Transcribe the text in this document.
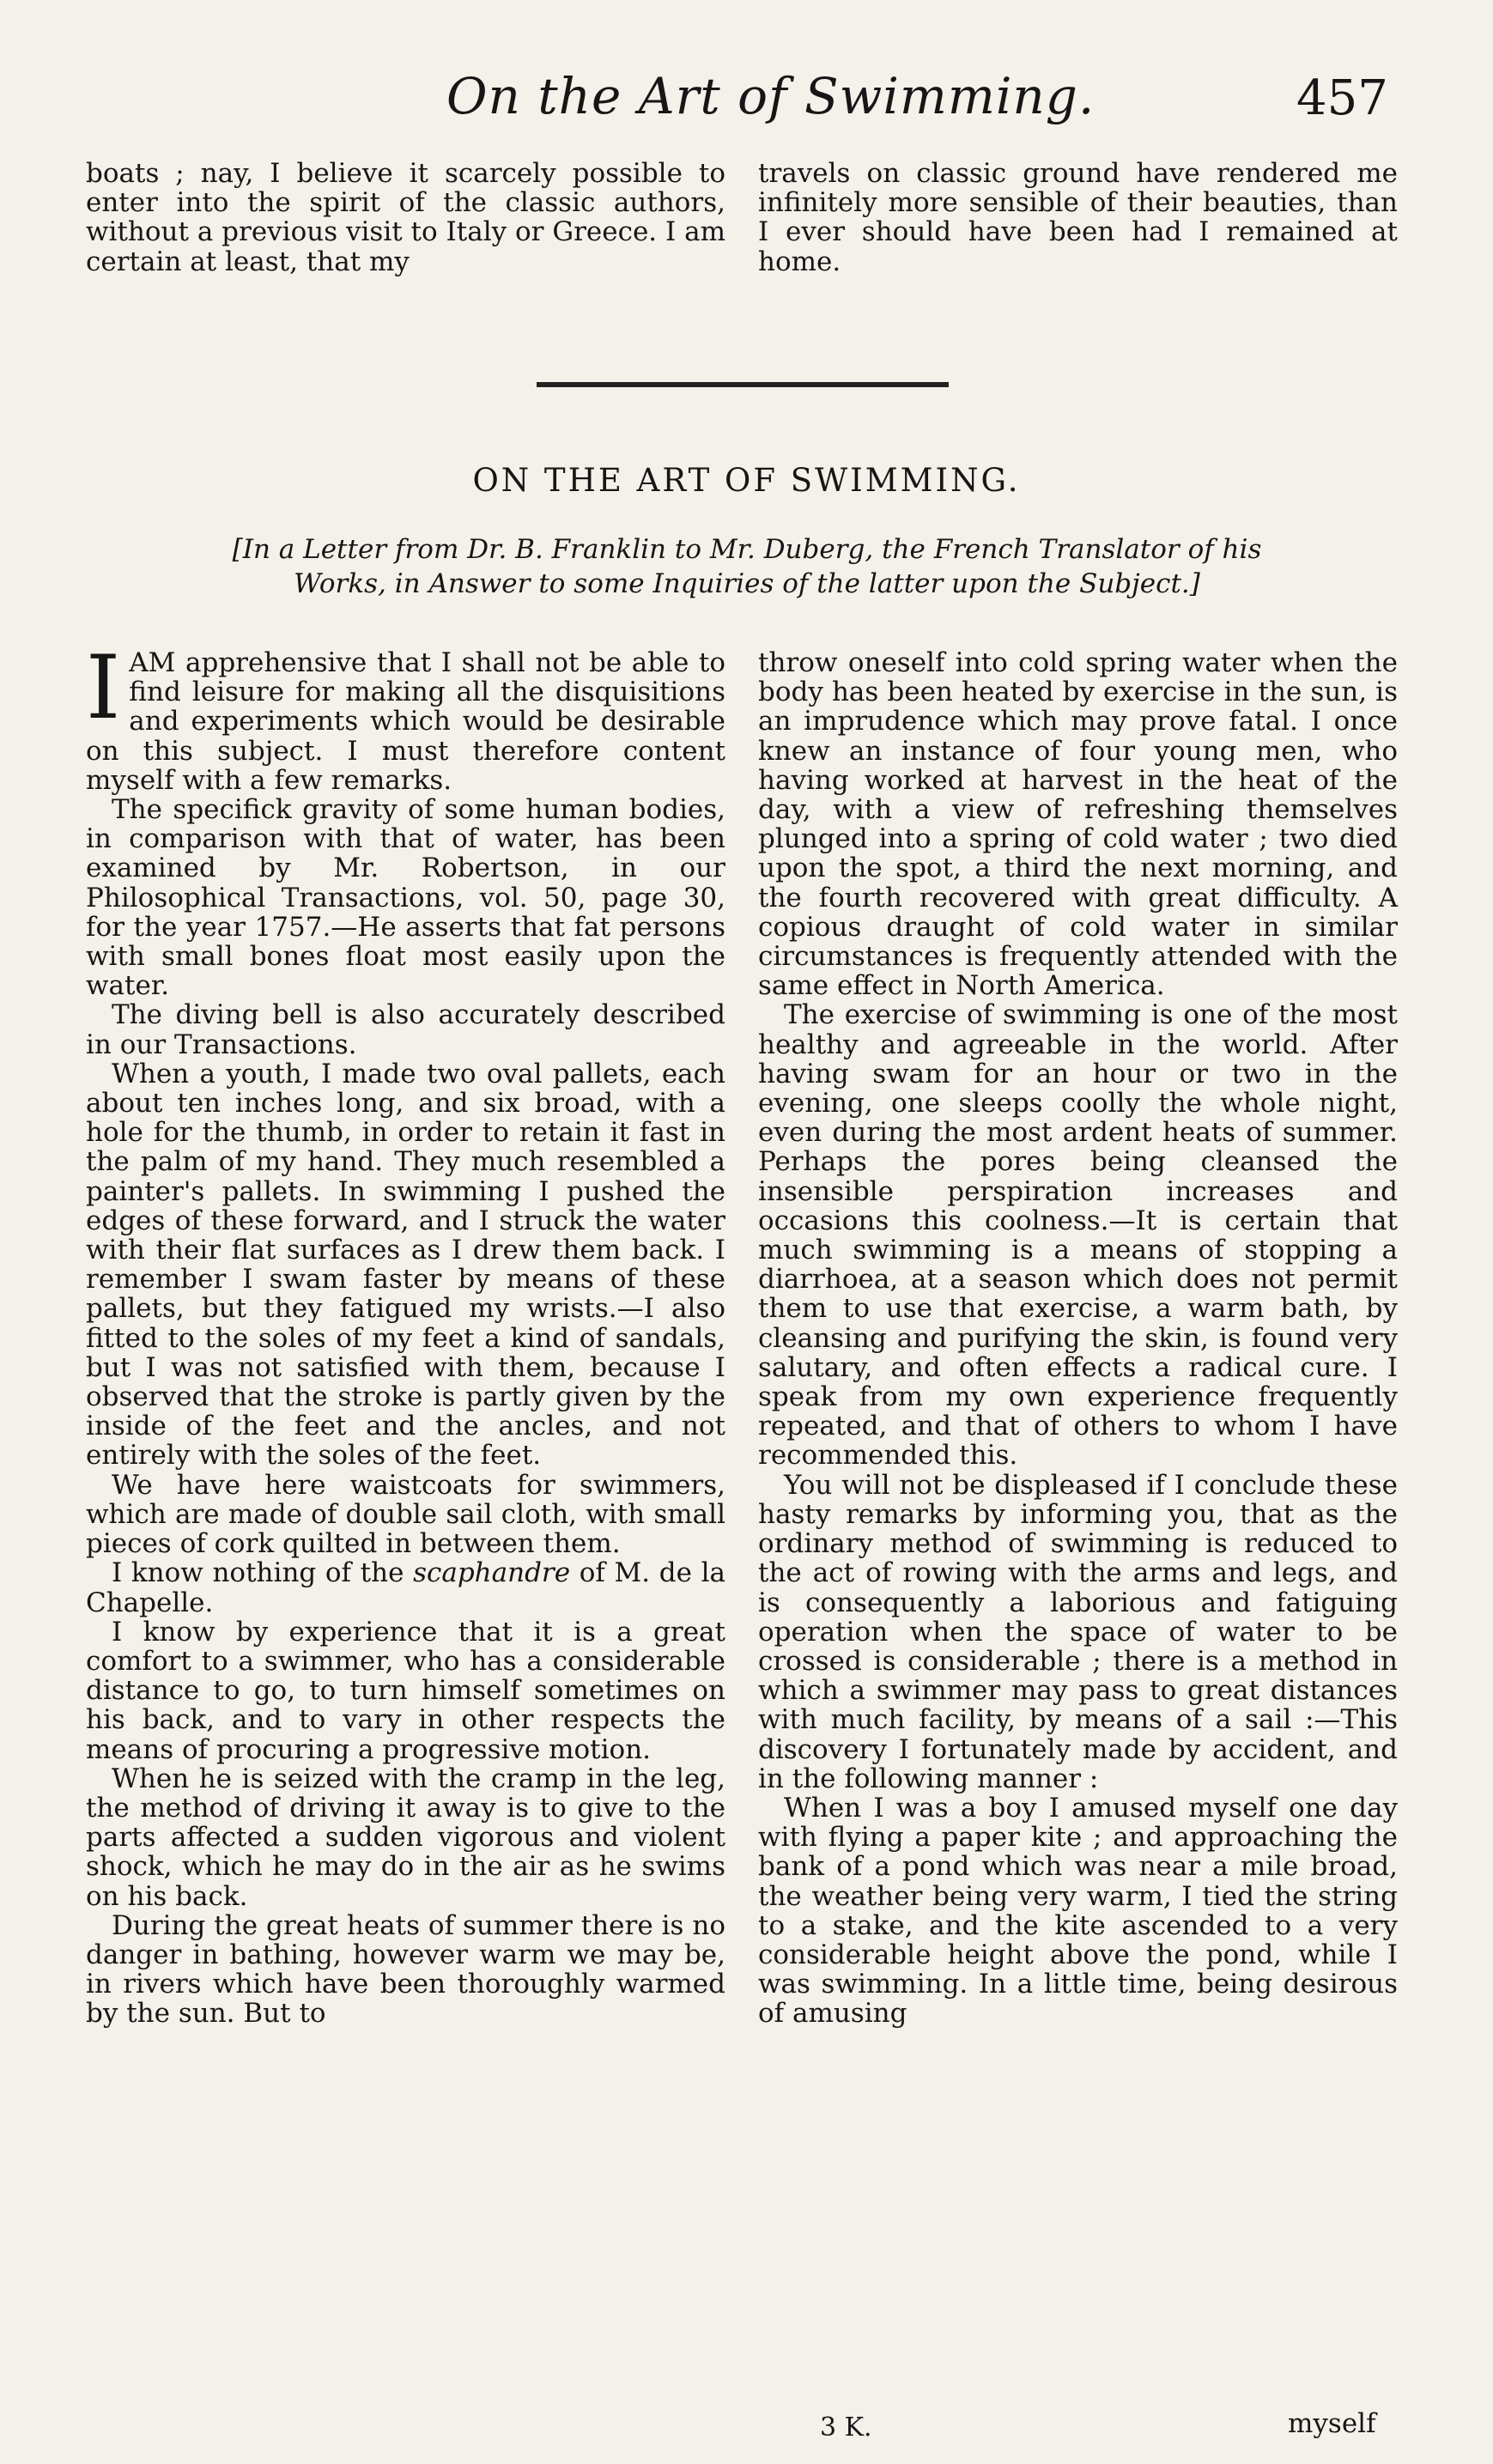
On the Art of Swimming.	457

boats ; nay, I believe it scarcely possible to enter into the spirit of the classic authors, without a previous visit to Italy or Greece. I am certain at least, that my

travels on classic ground have rendered me infinitely more sensible of their beauties, than I ever should have been had I remained at home.

ON THE ART OF SWIMMING.
[In a Letter from Dr. B. Franklin to Mr. Duberg, the French Translator of his Works, in Answer to some Inquiries of the latter upon the Subject.]

IAM apprehensive that I shall not be able to find leisure for making all the disquisitions and experiments which would be desirable on this subject. I must therefore content myself with a few remarks.

The specifick gravity of some human bodies, in comparison with that of water, has been examined by Mr. Robertson, in our Philosophical Transactions, vol. 50, page 30, for the year 1757.—He asserts that fat persons with small bones float most easily upon the water.

The diving bell is also accurately described in our Transactions.

When a youth, I made two oval pallets, each about ten inches long, and six broad, with a hole for the thumb, in order to retain it fast in the palm of my hand. They much resembled a painter's pallets. In swimming I pushed the edges of these forward, and I struck the water with their flat surfaces as I drew them back. I remember I swam faster by means of these pallets, but they fatigued my wrists.—I also fitted to the soles of my feet a kind of sandals, but I was not satisfied with them, because I observed that the stroke is partly given by the inside of the feet and the ancles, and not entirely with the soles of the feet.

We have here waistcoats for swimmers, which are made of double sail cloth, with small pieces of cork quilted in between them.

I know nothing of the scaphandre of M. de la Chapelle.

I know by experience that it is a great comfort to a swimmer, who has a considerable distance to go, to turn himself sometimes on his back, and to vary in other respects the means of procuring a progressive motion.

When he is seized with the cramp in the leg, the method of driving it away is to give to the parts affected a sudden vigorous and violent shock, which he may do in the air as he swims on his back.

During the great heats of summer there is no danger in bathing, however warm we may be, in rivers which have been thoroughly warmed by the sun. But to

throw oneself into cold spring water when the body has been heated by exercise in the sun, is an imprudence which may prove fatal. I once knew an instance of four young men, who having worked at harvest in the heat of the day, with a view of refreshing themselves plunged into a spring of cold water ; two died upon the spot, a third the next morning, and the fourth recovered with great difficulty. A copious draught of cold water in similar circumstances is frequently attended with the same effect in North America.

The exercise of swimming is one of the most healthy and agreeable in the world. After having swam for an hour or two in the evening, one sleeps coolly the whole night, even during the most ardent heats of summer. Perhaps the pores being cleansed the insensible perspiration increases and occasions this coolness.—It is certain that much swimming is a means of stopping a diarrhoea, at a season which does not permit them to use that exercise, a warm bath, by cleansing and purifying the skin, is found very salutary, and often effects a radical cure. I speak from my own experience frequently repeated, and that of others to whom I have recommended this.

You will not be displeased if I conclude these hasty remarks by informing you, that as the ordinary method of swimming is reduced to the act of rowing with the arms and legs, and is consequently a laborious and fatiguing operation when the space of water to be crossed is considerable ; there is a method in which a swimmer may pass to great distances with much facility, by means of a sail :—This discovery I fortunately made by accident, and in the following manner :

When I was a boy I amused myself one day with flying a paper kite ; and approaching the bank of a pond which was near a mile broad, the weather being very warm, I tied the string to a stake, and the kite ascended to a very considerable height above the pond, while I was swimming. In a little time, being desirous of amusing

3 K.	myself
